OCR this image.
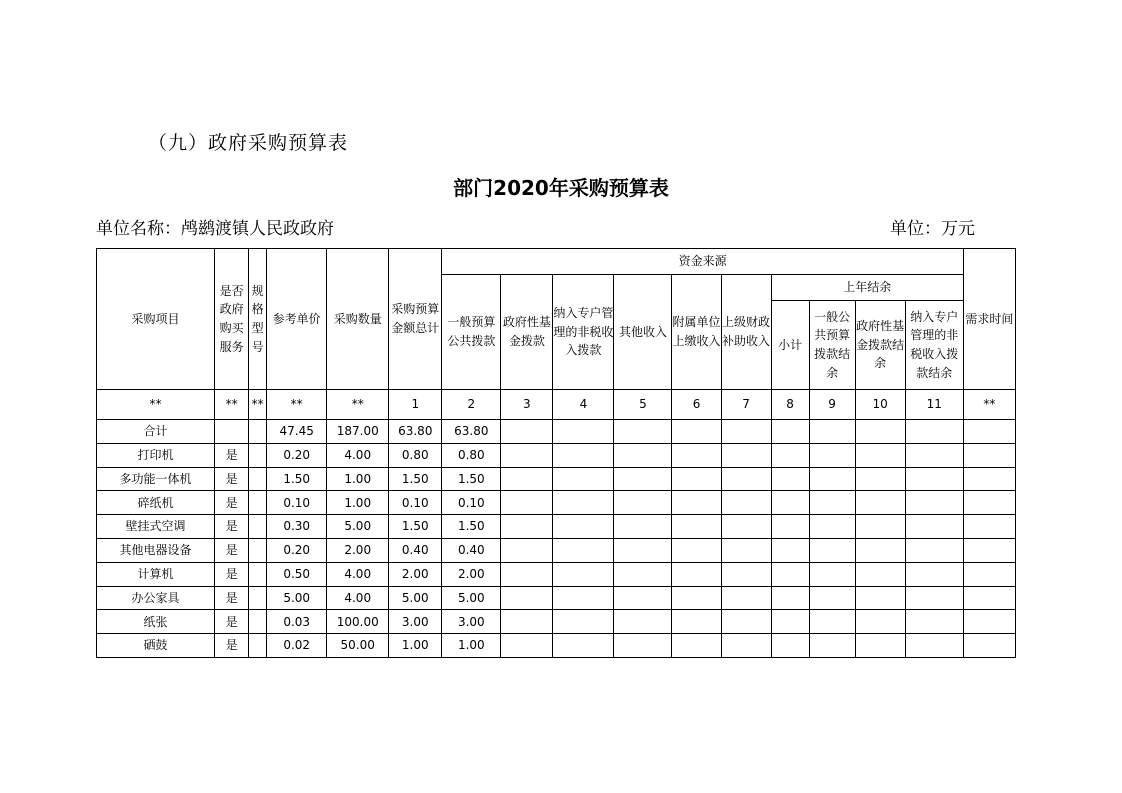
（九）政府采购预算表
部门2020年采购预算表
单位名称：鸬鹚渡镇人民政政府	单位：万元
采购项目	是否政府购买服务	规格型号	参考单价	采购数量	采购预算金额总计	资金来源										需求时间
						一般预算公共拨款	政府性基金拨款	纳入专户管理的非税收入拨款	其他收入	附属单位上缴收入	上级财政补助收入	上年结余				
												小计	一般公共预算拨款结余	政府性基金拨款结余	纳入专户管理的非税收入拨款结余	
**	**	**	**	**	1	2	3	4	5	6	7	8	9	10	11	**
合计			47.45	187.00	63.80	63.80										
打印机	是		0.20	4.00	0.80	0.80										
多功能一体机	是		1.50	1.00	1.50	1.50										
碎纸机	是		0.10	1.00	0.10	0.10										
壁挂式空调	是		0.30	5.00	1.50	1.50										
其他电器设备	是		0.20	2.00	0.40	0.40										
计算机	是		0.50	4.00	2.00	2.00										
办公家具	是		5.00	4.00	5.00	5.00										
纸张	是		0.03	100.00	3.00	3.00										
硒鼓	是		0.02	50.00	1.00	1.00										
